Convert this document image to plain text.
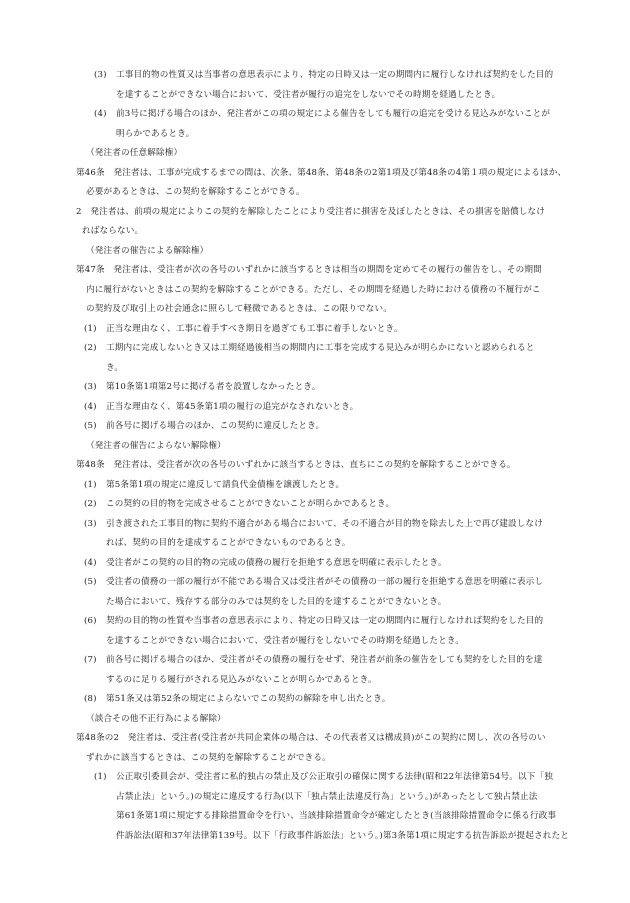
(3) 工事目的物の性質又は当事者の意思表示により、特定の日時又は一定の期間内に履行しなければ契約をした目的
を達することができない場合において、受注者が履行の追完をしないでその時期を経過したとき。
(4) 前3号に掲げる場合のほか、発注者がこの項の規定による催告をしても履行の追完を受ける見込みがないことが
明らかであるとき。
（発注者の任意解除権）
第46条　発注者は、工事が完成するまでの間は、次条、第48条、第48条の2第1項及び第48条の4第１項の規定によるほか、
必要があるときは、この契約を解除することができる。
2　発注者は、前項の規定によりこの契約を解除したことにより受注者に損害を及ぼしたときは、その損害を賠償しなけ
ればならない。
（発注者の催告による解除権）
第47条　発注者は、受注者が次の各号のいずれかに該当するときは相当の期間を定めてその履行の催告をし、その期間
内に履行がないときはこの契約を解除することができる。ただし、その期間を経過した時における債務の不履行がこ
の契約及び取引上の社会通念に照らして軽微であるときは、この限りでない。
(1) 正当な理由なく、工事に着手すべき期日を過ぎても工事に着手しないとき。
(2) 工期内に完成しないとき又は工期経過後相当の期間内に工事を完成する見込みが明らかにないと認められると
き。
(3) 第10条第1項第2号に掲げる者を設置しなかったとき。
(4) 正当な理由なく、第45条第1項の履行の追完がなされないとき。
(5) 前各号に掲げる場合のほか、この契約に違反したとき。
（発注者の催告によらない解除権）
第48条　発注者は、受注者が次の各号のいずれかに該当するときは、直ちにこの契約を解除することができる。
(1) 第5条第1項の規定に違反して請負代金債権を譲渡したとき。
(2) この契約の目的物を完成させることができないことが明らかであるとき。
(3) 引き渡された工事目的物に契約不適合がある場合において、その不適合が目的物を除去した上で再び建設しなけ
れば、契約の目的を達成することができないものであるとき。
(4) 受注者がこの契約の目的物の完成の債務の履行を拒絶する意思を明確に表示したとき。
(5) 受注者の債務の一部の履行が不能である場合又は受注者がその債務の一部の履行を拒絶する意思を明確に表示し
た場合において、残存する部分のみでは契約をした目的を達することができないとき。
(6) 契約の目的物の性質や当事者の意思表示により、特定の日時又は一定の期間内に履行しなければ契約をした目的
を達することができない場合において、受注者が履行をしないでその時期を経過したとき。
(7) 前各号に掲げる場合のほか、受注者がその債務の履行をせず、発注者が前条の催告をしても契約をした目的を達
するのに足りる履行がされる見込みがないことが明らかであるとき。
(8) 第51条又は第52条の規定によらないでこの契約の解除を申し出たとき。
（談合その他不正行為による解除）
第48条の2　発注者は、受注者(受注者が共同企業体の場合は、その代表者又は構成員)がこの契約に関し、次の各号のい
ずれかに該当するときは、この契約を解除することができる。
(1) 公正取引委員会が、受注者に私的独占の禁止及び公正取引の確保に関する法律(昭和22年法律第54号。以下「独
占禁止法」という。)の規定に違反する行為(以下「独占禁止法違反行為」という。)があったとして独占禁止法
第61条第1項に規定する排除措置命令を行い、当該排除措置命令が確定したとき(当該排除措置命令に係る行政事
件訴訟法(昭和37年法律第139号。以下「行政事件訴訟法」という。)第3条第1項に規定する抗告訴訟が提起されたと
